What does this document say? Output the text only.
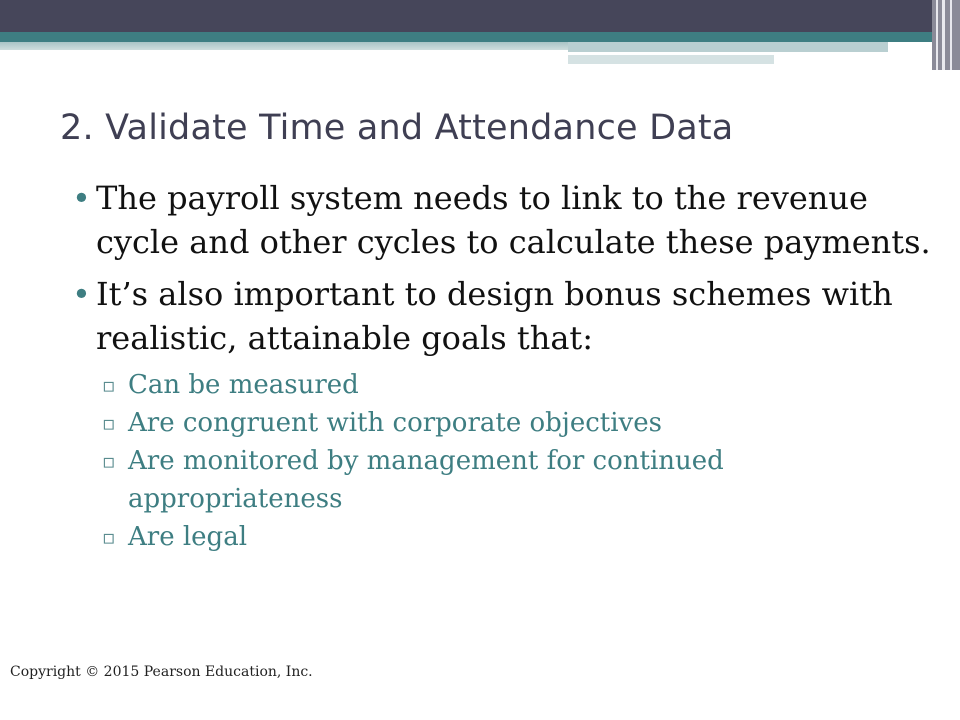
2. Validate Time and Attendance Data
• The payroll system needs to link to the revenue cycle and other cycles to calculate these payments.
• It’s also important to design bonus schemes with realistic, attainable goals that:
▫ Can be measured
▫ Are congruent with corporate objectives
▫ Are monitored by management for continued appropriateness
▫ Are legal
Copyright © 2015 Pearson Education, Inc.
